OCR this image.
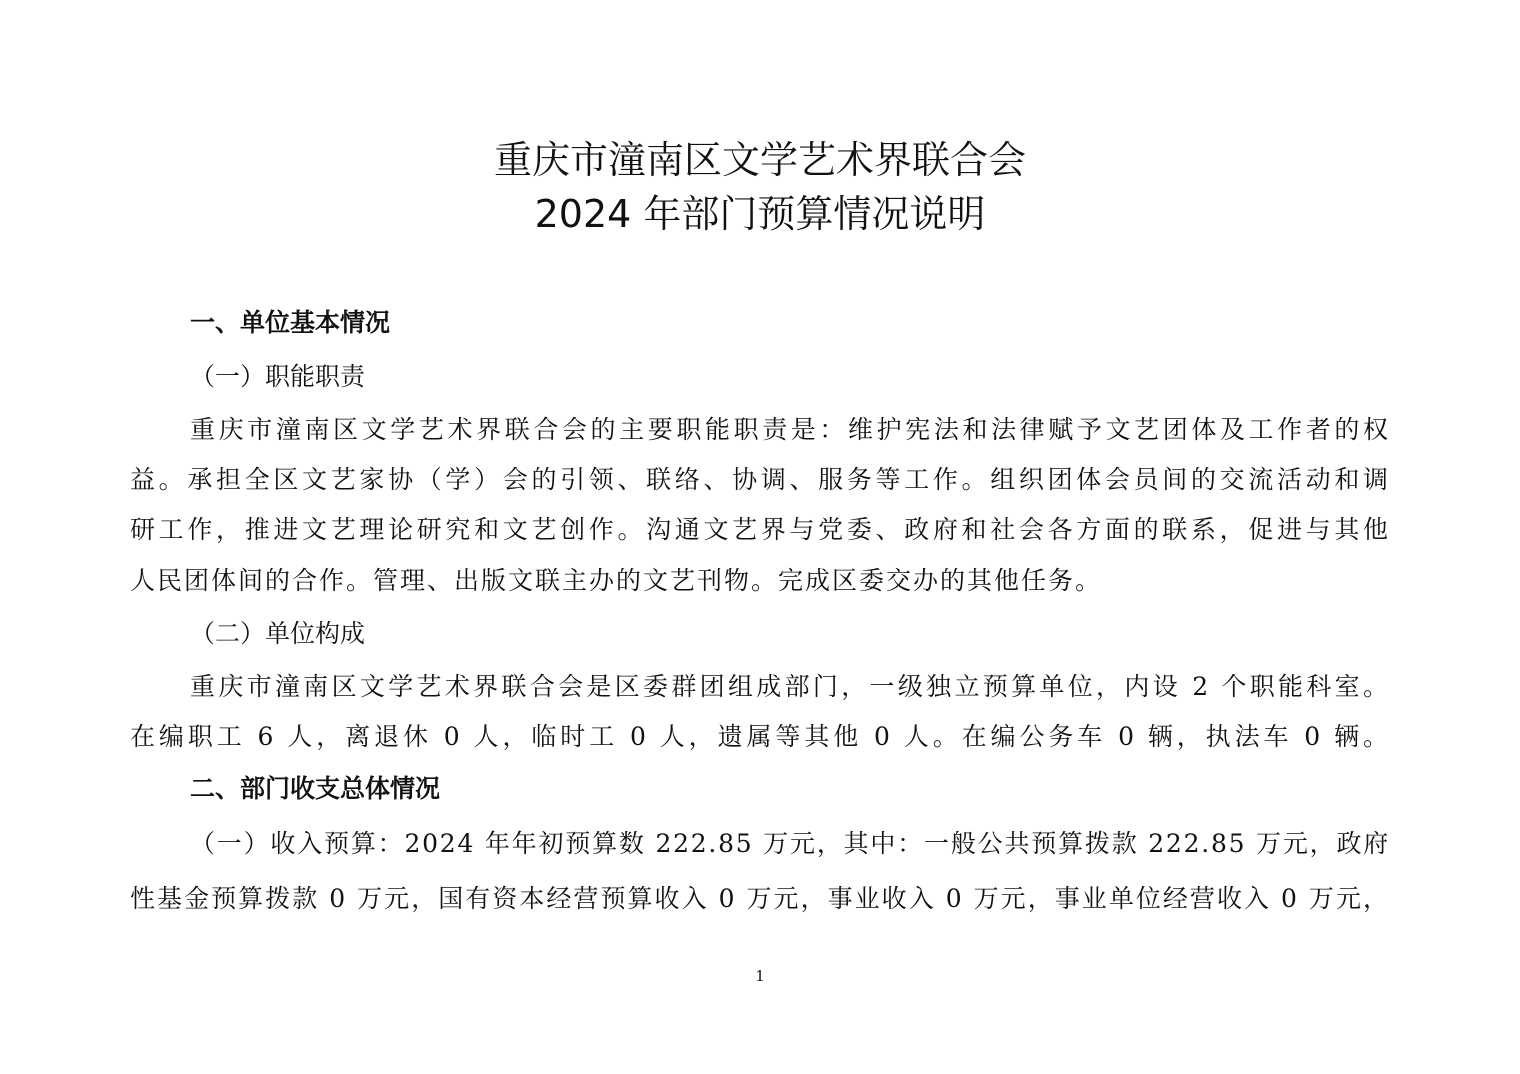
重庆市潼南区文学艺术界联合会
2024 年部门预算情况说明
一、单位基本情况
（一）职能职责
重庆市潼南区文学艺术界联合会的主要职能职责是：维护宪法和法律赋予文艺团体及工作者的权
益。承担全区文艺家协（学）会的引领、联络、协调、服务等工作。组织团体会员间的交流活动和调
研工作，推进文艺理论研究和文艺创作。沟通文艺界与党委、政府和社会各方面的联系，促进与其他
人民团体间的合作。管理、出版文联主办的文艺刊物。完成区委交办的其他任务。
（二）单位构成
重庆市潼南区文学艺术界联合会是区委群团组成部门，一级独立预算单位，内设 2 个职能科室。
在编职工 6 人，离退休 0 人，临时工 0 人，遗属等其他 0 人。在编公务车 0 辆，执法车 0 辆。
二、部门收支总体情况
（一）收入预算：2024 年年初预算数 222.85 万元，其中：一般公共预算拨款 222.85 万元，政府
性基金预算拨款 0 万元，国有资本经营预算收入 0 万元，事业收入 0 万元，事业单位经营收入 0 万元，
1
